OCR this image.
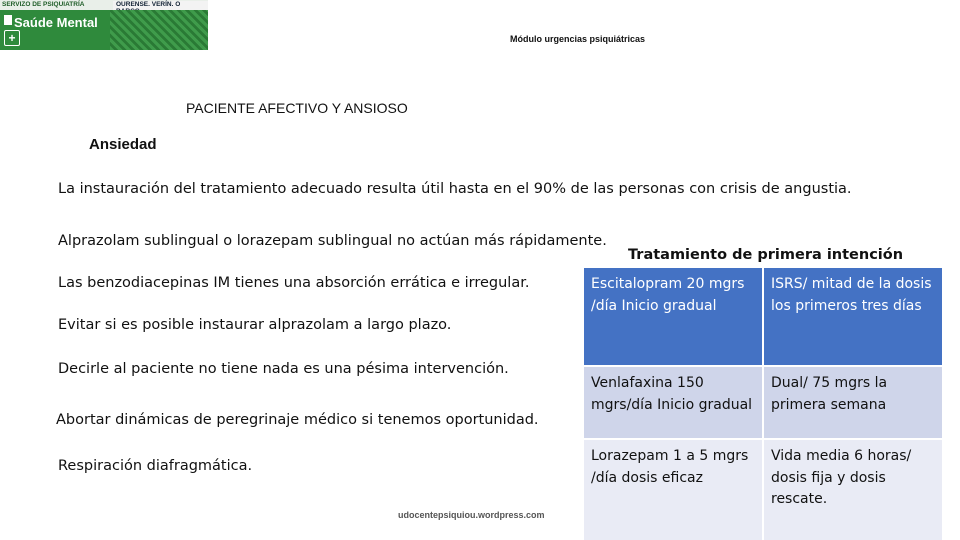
SERVIZO DE PSIQUIATRÍA	OURENSE. VERÍN. O
Saúde Mental
+	Módulo urgencias psiquiátricas
PACIENTE AFECTIVO Y ANSIOSO
Ansiedad
La instauración del tratamiento adecuado resulta útil hasta en el 90% de las personas con crisis de angustia.
Alprazolam sublingual o lorazepam sublingual no actúan más rápidamente.
Las benzodiacepinas IM tienes una absorción errática e irregular.
Evitar si es posible instaurar alprazolam a largo plazo.
Decirle al paciente no tiene nada es una pésima intervención.
Abortar dinámicas de peregrinaje médico si tenemos oportunidad.
Respiración diafragmática.
udocentepsiquiou.wordpress.com
Tratamiento de primera intención
Escitalopram 20 mgrs /día Inicio gradual
ISRS/ mitad de la dosis los primeros tres días
Venlafaxina 150 mgrs/día Inicio gradual
Dual/ 75 mgrs la primera semana
Lorazepam 1 a 5 mgrs /día dosis eficaz
Vida media 6 horas/ dosis fija y dosis rescate.
